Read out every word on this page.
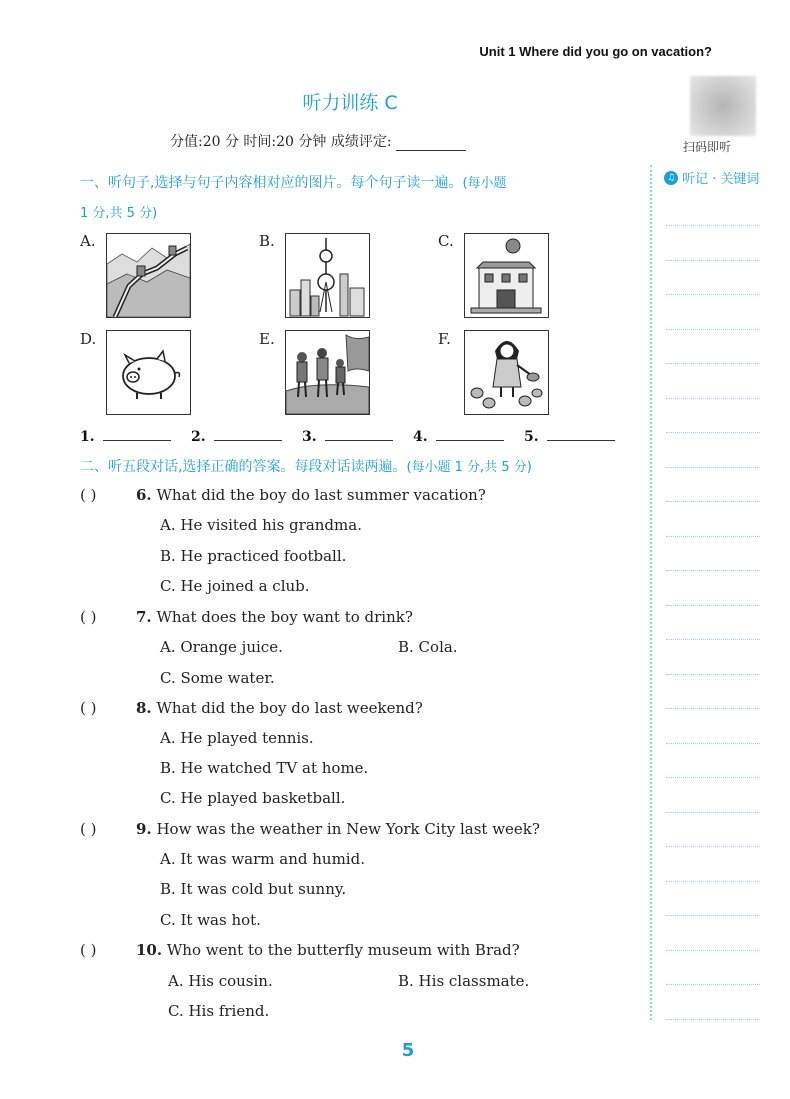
Unit 1 Where did you go on vacation?
听力训练 C
扫码即听
分值:20 分 时间:20 分钟 成绩评定:
♫ 听记 · 关键词
一、听句子,选择与句子内容相对应的图片。每个句子读一遍。(每小题
1 分,共 5 分)
A.	B.	C.
D.	E.	F.
1.	2.	3.	4.	5.
二、听五段对话,选择正确的答案。每段对话读两遍。(每小题 1 分,共 5 分)
( )	6. What did the boy do last summer vacation?
A. He visited his grandma.
B. He practiced football.
C. He joined a club.
( )	7. What does the boy want to drink?
A. Orange juice.	B. Cola.
C. Some water.
( )	8. What did the boy do last weekend?
A. He played tennis.
B. He watched TV at home.
C. He played basketball.
( )	9. How was the weather in New York City last week?
A. It was warm and humid.
B. It was cold but sunny.
C. It was hot.
( )	10. Who went to the butterfly museum with Brad?
A. His cousin.	B. His classmate.
C. His friend.
5
